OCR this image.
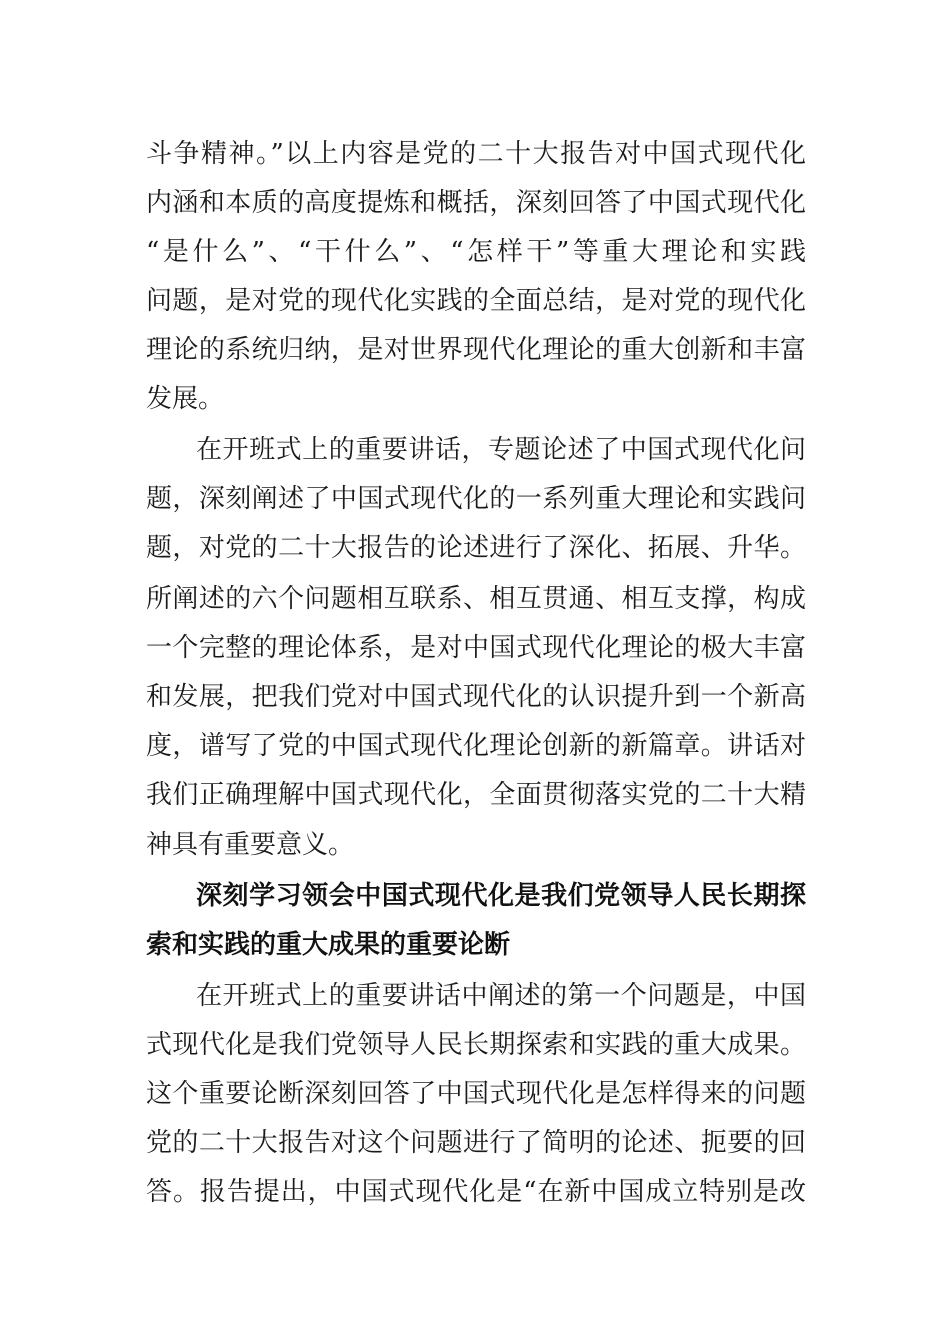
斗争精神。”以上内容是党的二十大报告对中国式现代化
内涵和本质的高度提炼和概括，深刻回答了中国式现代化
“是什么”、“干什么”、“怎样干”等重大理论和实践
问题，是对党的现代化实践的全面总结，是对党的现代化
理论的系统归纳，是对世界现代化理论的重大创新和丰富
发展。
在开班式上的重要讲话，专题论述了中国式现代化问
题，深刻阐述了中国式现代化的一系列重大理论和实践问
题，对党的二十大报告的论述进行了深化、拓展、升华。
所阐述的六个问题相互联系、相互贯通、相互支撑，构成
一个完整的理论体系，是对中国式现代化理论的极大丰富
和发展，把我们党对中国式现代化的认识提升到一个新高
度，谱写了党的中国式现代化理论创新的新篇章。讲话对
我们正确理解中国式现代化，全面贯彻落实党的二十大精
神具有重要意义。
深刻学习领会中国式现代化是我们党领导人民长期探
索和实践的重大成果的重要论断
在开班式上的重要讲话中阐述的第一个问题是，中国
式现代化是我们党领导人民长期探索和实践的重大成果。
这个重要论断深刻回答了中国式现代化是怎样得来的问题
党的二十大报告对这个问题进行了简明的论述、扼要的回
答。报告提出，中国式现代化是“在新中国成立特别是改
